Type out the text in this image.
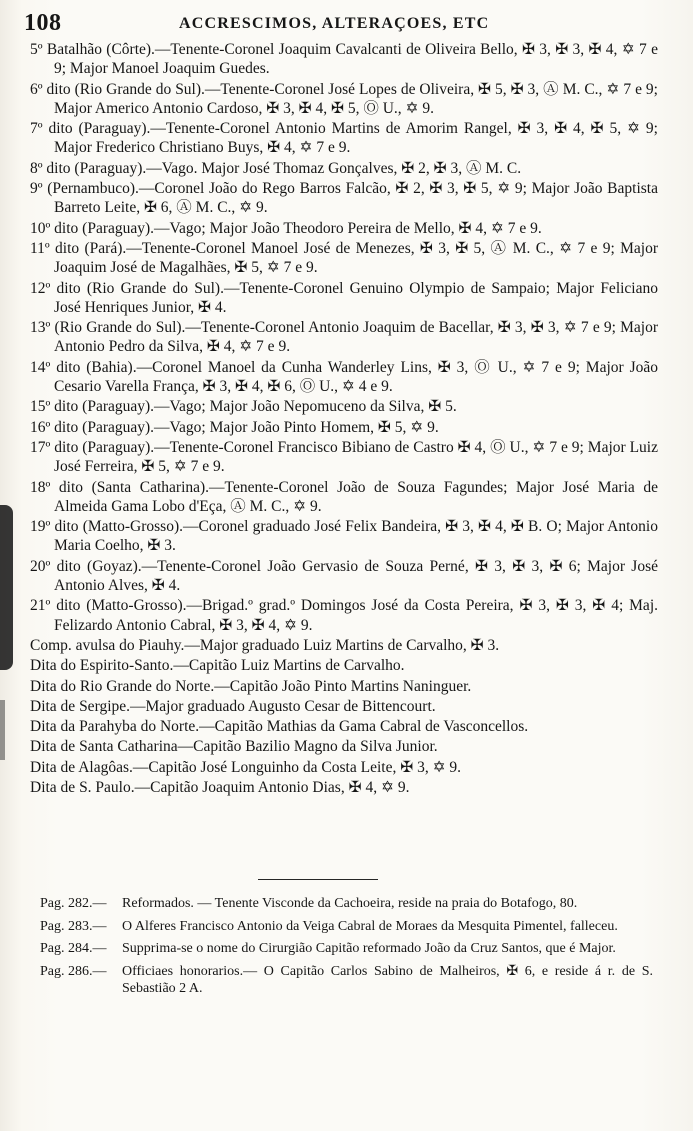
108	ACCRESCIMOS, ALTERAÇOES, ETC

5º Batalhão (Côrte).—Tenente-Coronel Joaquim Cavalcanti de Oliveira Bello, ✠ 3, ✠ 3, ✠ 4, ✡ 7 e 9; Major Manoel Joaquim Guedes.

6º dito (Rio Grande do Sul).—Tenente-Coronel José Lopes de Oliveira, ✠ 5, ✠ 3, Ⓐ M. C., ✡ 7 e 9; Major Americo Antonio Cardoso, ✠ 3, ✠ 4, ✠ 5, Ⓞ U., ✡ 9.

7º dito (Paraguay).—Tenente-Coronel Antonio Martins de Amorim Rangel, ✠ 3, ✠ 4, ✠ 5, ✡ 9; Major Frederico Christiano Buys, ✠ 4, ✡ 7 e 9.

8º dito (Paraguay).—Vago. Major José Thomaz Gonçalves, ✠ 2, ✠ 3, Ⓐ M. C.

9º (Pernambuco).—Coronel João do Rego Barros Falcão, ✠ 2, ✠ 3, ✠ 5, ✡ 9; Major João Baptista Barreto Leite, ✠ 6, Ⓐ M. C., ✡ 9.

10º dito (Paraguay).—Vago; Major João Theodoro Pereira de Mello, ✠ 4, ✡ 7 e 9.

11º dito (Pará).—Tenente-Coronel Manoel José de Menezes, ✠ 3, ✠ 5, Ⓐ M. C., ✡ 7 e 9; Major Joaquim José de Magalhães, ✠ 5, ✡ 7 e 9.

12º dito (Rio Grande do Sul).—Tenente-Coronel Genuino Olympio de Sampaio; Major Feliciano José Henriques Junior, ✠ 4.

13º (Rio Grande do Sul).—Tenente-Coronel Antonio Joaquim de Bacellar, ✠ 3, ✠ 3, ✡ 7 e 9; Major Antonio Pedro da Silva, ✠ 4, ✡ 7 e 9.

14º dito (Bahia).—Coronel Manoel da Cunha Wanderley Lins, ✠ 3, Ⓞ U., ✡ 7 e 9; Major João Cesario Varella França, ✠ 3, ✠ 4, ✠ 6, Ⓞ U., ✡ 4 e 9.

15º dito (Paraguay).—Vago; Major João Nepomuceno da Silva, ✠ 5.

16º dito (Paraguay).—Vago; Major João Pinto Homem, ✠ 5, ✡ 9.

17º dito (Paraguay).—Tenente-Coronel Francisco Bibiano de Castro ✠ 4, Ⓞ U., ✡ 7 e 9; Major Luiz José Ferreira, ✠ 5, ✡ 7 e 9.

18º dito (Santa Catharina).—Tenente-Coronel João de Souza Fagundes; Major José Maria de Almeida Gama Lobo d'Eça, Ⓐ M. C., ✡ 9.

19º dito (Matto-Grosso).—Coronel graduado José Felix Bandeira, ✠ 3, ✠ 4, ✠ B. O; Major Antonio Maria Coelho, ✠ 3.

20º dito (Goyaz).—Tenente-Coronel João Gervasio de Souza Perné, ✠ 3, ✠ 3, ✠ 6; Major José Antonio Alves, ✠ 4.

21º dito (Matto-Grosso).—Brigad.º grad.º Domingos José da Costa Pereira, ✠ 3, ✠ 3, ✠ 4; Maj. Felizardo Antonio Cabral, ✠ 3, ✠ 4, ✡ 9.

Comp. avulsa do Piauhy.—Major graduado Luiz Martins de Carvalho, ✠ 3.

Dita do Espirito-Santo.—Capitão Luiz Martins de Carvalho.

Dita do Rio Grande do Norte.—Capitão João Pinto Martins Naninguer.

Dita de Sergipe.—Major graduado Augusto Cesar de Bittencourt.

Dita da Parahyba do Norte.—Capitão Mathias da Gama Cabral de Vasconcellos.

Dita de Santa Catharina—Capitão Bazilio Magno da Silva Junior.

Dita de Alagôas.—Capitão José Longuinho da Costa Leite, ✠ 3, ✡ 9.

Dita de S. Paulo.—Capitão Joaquim Antonio Dias, ✠ 4, ✡ 9.

Pag. 282.— Reformados. — Tenente Visconde da Cachoeira, reside na praia do Botafogo, 80.
Pag. 283.— O Alferes Francisco Antonio da Veiga Cabral de Moraes da Mesquita Pimentel, falleceu.
Pag. 284.— Supprima-se o nome do Cirurgião Capitão reformado João da Cruz Santos, que é Major.
Pag. 286.— Officiaes honorarios.— O Capitão Carlos Sabino de Malheiros, ✠ 6, e reside á r. de S. Sebastião 2 A.
